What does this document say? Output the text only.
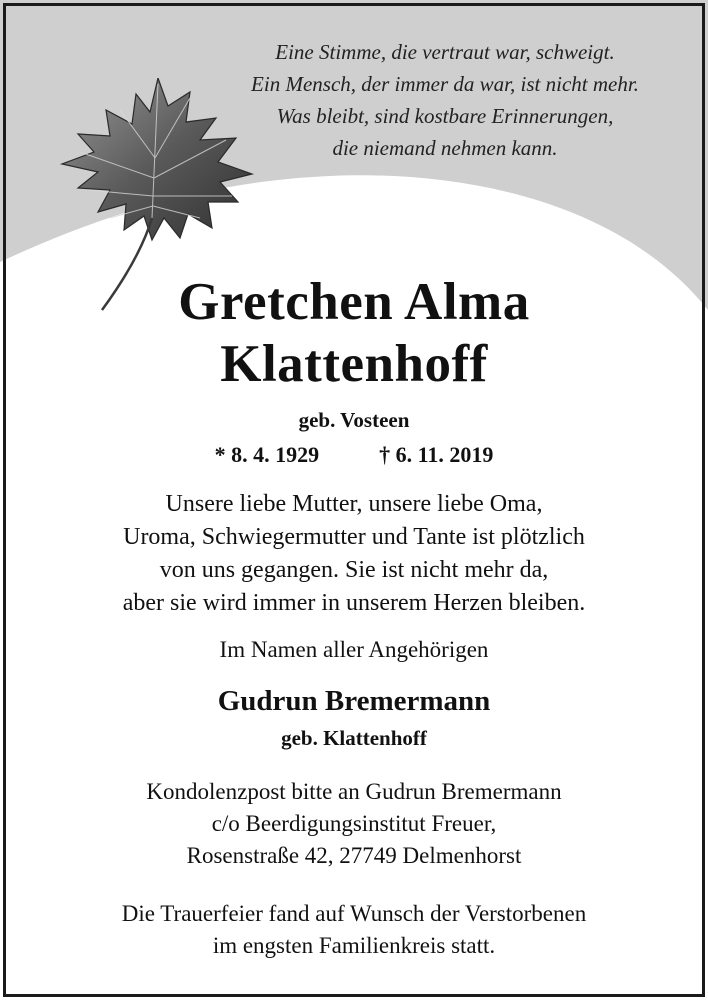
Eine Stimme, die vertraut war, schweigt.
Ein Mensch, der immer da war, ist nicht mehr.
Was bleibt, sind kostbare Erinnerungen,
die niemand nehmen kann.
Gretchen Alma
Klattenhoff
geb. Vosteen
* 8. 4. 1929	† 6. 11. 2019
Unsere liebe Mutter, unsere liebe Oma,
Uroma, Schwiegermutter und Tante ist plötzlich
von uns gegangen. Sie ist nicht mehr da,
aber sie wird immer in unserem Herzen bleiben.
Im Namen aller Angehörigen
Gudrun Bremermann
geb. Klattenhoff
Kondolenzpost bitte an Gudrun Bremermann
c/o Beerdigungsinstitut Freuer,
Rosenstraße 42, 27749 Delmenhorst
Die Trauerfeier fand auf Wunsch der Verstorbenen
im engsten Familienkreis statt.
